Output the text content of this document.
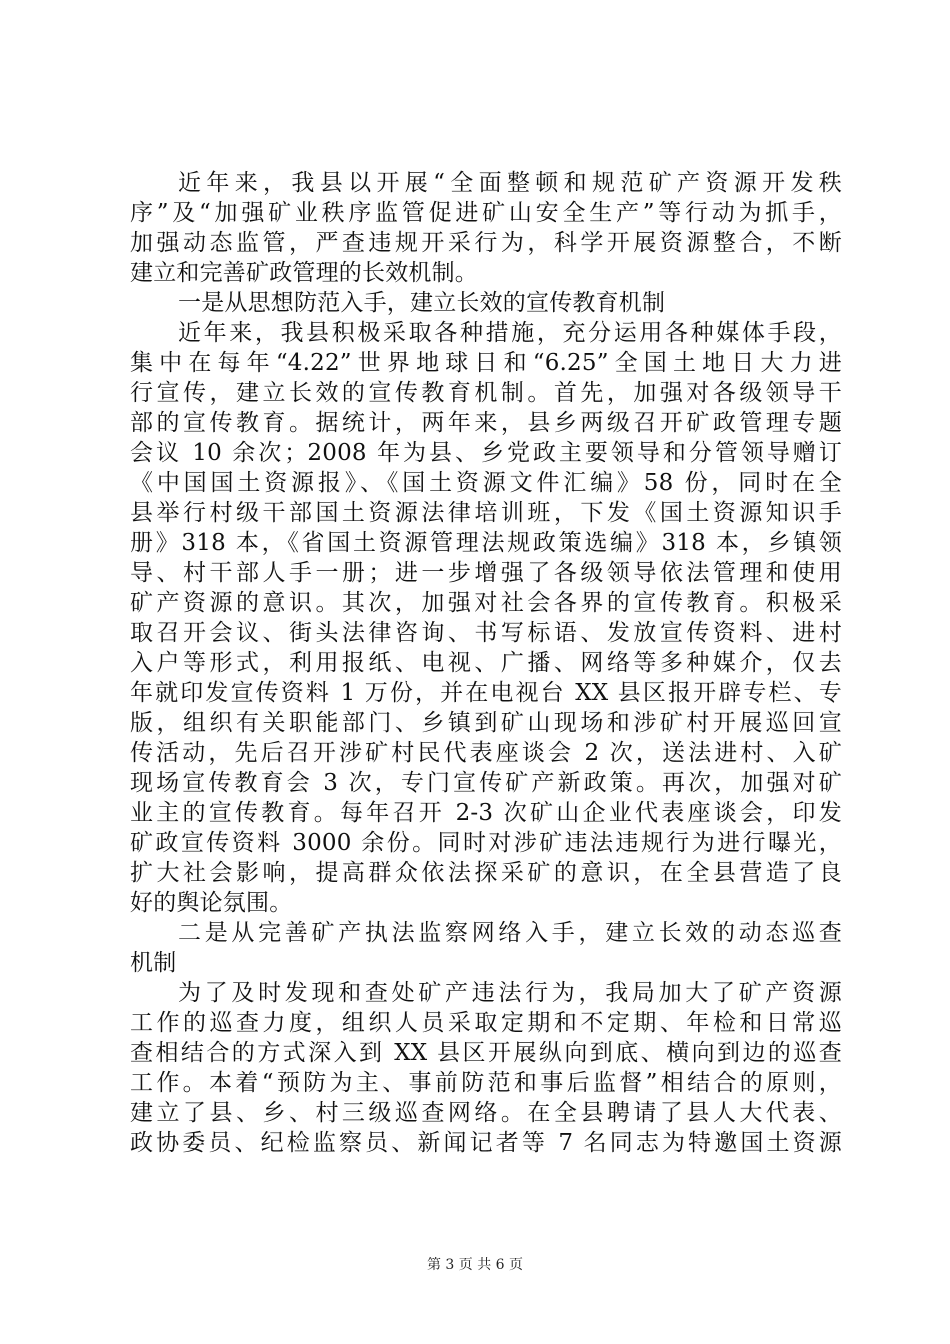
近年来，我县以开展“全面整顿和规范矿产资源开发秩
序”及“加强矿业秩序监管促进矿山安全生产”等行动为抓手，
加强动态监管，严查违规开采行为，科学开展资源整合，不断
建立和完善矿政管理的长效机制。
一是从思想防范入手，建立长效的宣传教育机制
近年来，我县积极采取各种措施，充分运用各种媒体手段，
集中在每年“4.22”世界地球日和“6.25”全国土地日大力进
行宣传，建立长效的宣传教育机制。首先，加强对各级领导干
部的宣传教育。据统计，两年来，县乡两级召开矿政管理专题
会议 10 余次；2008 年为县、乡党政主要领导和分管领导赠订
《中国国土资源报》、《国土资源文件汇编》58 份，同时在全
县举行村级干部国土资源法律培训班，下发《国土资源知识手
册》318 本，《省国土资源管理法规政策选编》318 本，乡镇领
导、村干部人手一册；进一步增强了各级领导依法管理和使用
矿产资源的意识。其次，加强对社会各界的宣传教育。积极采
取召开会议、街头法律咨询、书写标语、发放宣传资料、进村
入户等形式，利用报纸、电视、广播、网络等多种媒介，仅去
年就印发宣传资料 1 万份，并在电视台 XX 县区报开辟专栏、专
版，组织有关职能部门、乡镇到矿山现场和涉矿村开展巡回宣
传活动，先后召开涉矿村民代表座谈会 2 次，送法进村、入矿
现场宣传教育会 3 次，专门宣传矿产新政策。再次，加强对矿
业主的宣传教育。每年召开 2-3 次矿山企业代表座谈会，印发
矿政宣传资料 3000 余份。同时对涉矿违法违规行为进行曝光，
扩大社会影响，提高群众依法探采矿的意识，在全县营造了良
好的舆论氛围。
二是从完善矿产执法监察网络入手，建立长效的动态巡查
机制
为了及时发现和查处矿产违法行为，我局加大了矿产资源
工作的巡查力度，组织人员采取定期和不定期、年检和日常巡
查相结合的方式深入到 XX 县区开展纵向到底、横向到边的巡查
工作。本着“预防为主、事前防范和事后监督”相结合的原则，
建立了县、乡、村三级巡查网络。在全县聘请了县人大代表、
政协委员、纪检监察员、新闻记者等 7 名同志为特邀国土资源
第 3 页 共 6 页
